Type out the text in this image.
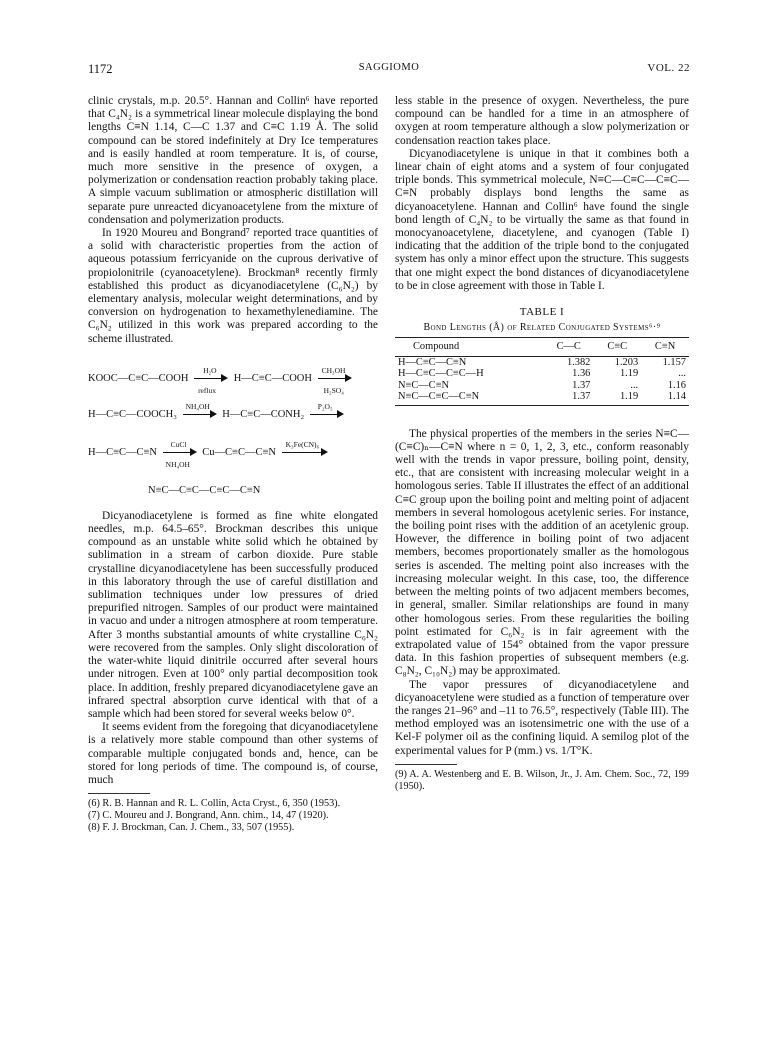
1172	SAGGIOMO	VOL. 22

clinic crystals, m.p. 20.5°. Hannan and Collin⁶ have reported that C₄N₂ is a symmetrical linear molecule displaying the bond lengths C≡N 1.14, C—C 1.37 and C≡C 1.19 Å. The solid compound can be stored indefinitely at Dry Ice temperatures and is easily handled at room temperature. It is, of course, much more sensitive in the presence of oxygen, a polymerization or condensation reaction probably taking place. A simple vacuum sublimation or atmospheric distillation will separate pure unreacted dicyanoacetylene from the mixture of condensation and polymerization products.

In 1920 Moureu and Bongrand⁷ reported trace quantities of a solid with characteristic properties from the action of aqueous potassium ferricyanide on the cuprous derivative of propiolonitrile (cyanoacetylene). Brockman⁸ recently firmly established this product as dicyanodiacetylene (C₆N₂) by elementary analysis, molecular weight determinations, and by conversion on hydrogenation to hexamethylenediamine. The C₆N₂ utilized in this work was prepared according to the scheme illustrated.

KOOC—C≡C—COOH
H₂O
reflux
H—C≡C—COOH
CH₃OH
H₂SO₄
H—C≡C—COOCH₃
NH₄OH
H—C≡C—CONH₂
P₂O₅
H—C≡C—C≡N
CuCl
NH₄OH
Cu—C≡C—C≡N
K₃Fe(CN)₆
N≡C—C≡C—C≡C—C≡N

Dicyanodiacetylene is formed as fine white elongated needles, m.p. 64.5–65°. Brockman describes this unique compound as an unstable white solid which he obtained by sublimation in a stream of carbon dioxide. Pure stable crystalline dicyanodiacetylene has been successfully produced in this laboratory through the use of careful distillation and sublimation techniques under low pressures of dried prepurified nitrogen. Samples of our product were maintained in vacuo and under a nitrogen atmosphere at room temperature. After 3 months substantial amounts of white crystalline C₆N₂ were recovered from the samples. Only slight discoloration of the water-white liquid dinitrile occurred after several hours under nitrogen. Even at 100° only partial decomposition took place. In addition, freshly prepared dicyanodiacetylene gave an infrared spectral absorption curve identical with that of a sample which had been stored for several weeks below 0°.

It seems evident from the foregoing that dicyanodiacetylene is a relatively more stable compound than other systems of comparable multiple conjugated bonds and, hence, can be stored for long periods of time. The compound is, of course, much

(6) R. B. Hannan and R. L. Collin, Acta Cryst., 6, 350 (1953).
(7) C. Moureu and J. Bongrand, Ann. chim., 14, 47 (1920).
(8) F. J. Brockman, Can. J. Chem., 33, 507 (1955).

less stable in the presence of oxygen. Nevertheless, the pure compound can be handled for a time in an atmosphere of oxygen at room temperature although a slow polymerization or condensation reaction takes place.

Dicyanodiacetylene is unique in that it combines both a linear chain of eight atoms and a system of four conjugated triple bonds. This symmetrical molecule, N≡C—C≡C—C≡C—C≡N probably displays bond lengths the same as dicyanoacetylene. Hannan and Collin⁶ have found the single bond length of C₄N₂ to be virtually the same as that found in monocyanoacetylene, diacetylene, and cyanogen (Table I) indicating that the addition of the triple bond to the conjugated system has only a minor effect upon the structure. This suggests that one might expect the bond distances of dicyanodiacetylene to be in close agreement with those in Table I.

TABLE I
Bond Lengths (Å) of Related Conjugated Systems⁶·⁹
Compound	C—C	C≡C	C≡N
H—C≡C—C≡N	1.382	1.203	1.157
H—C≡C—C≡C—H	1.36	1.19	...
N≡C—C≡N	1.37	...	1.16
N≡C—C≡C—C≡N	1.37	1.19	1.14

The physical properties of the members in the series N≡C—(C≡C)ₙ—C≡N where n = 0, 1, 2, 3, etc., conform reasonably well with the trends in vapor pressure, boiling point, density, etc., that are consistent with increasing molecular weight in a homologous series. Table II illustrates the effect of an additional C≡C group upon the boiling point and melting point of adjacent members in several homologous acetylenic series. For instance, the boiling point rises with the addition of an acetylenic group. However, the difference in boiling point of two adjacent members, becomes proportionately smaller as the homologous series is ascended. The melting point also increases with the increasing molecular weight. In this case, too, the difference between the melting points of two adjacent members becomes, in general, smaller. Similar relationships are found in many other homologous series. From these regularities the boiling point estimated for C₆N₂ is in fair agreement with the extrapolated value of 154° obtained from the vapor pressure data. In this fashion properties of subsequent members (e.g. C₈N₂, C₁₀N₂) may be approximated.

The vapor pressures of dicyanodiacetylene and dicyanoacetylene were studied as a function of temperature over the ranges 21–96° and –11 to 76.5°, respectively (Table III). The method employed was an isotensimetric one with the use of a Kel-F polymer oil as the confining liquid. A semilog plot of the experimental values for P (mm.) vs. 1/T°K.

(9) A. A. Westenberg and E. B. Wilson, Jr., J. Am. Chem. Soc., 72, 199 (1950).
